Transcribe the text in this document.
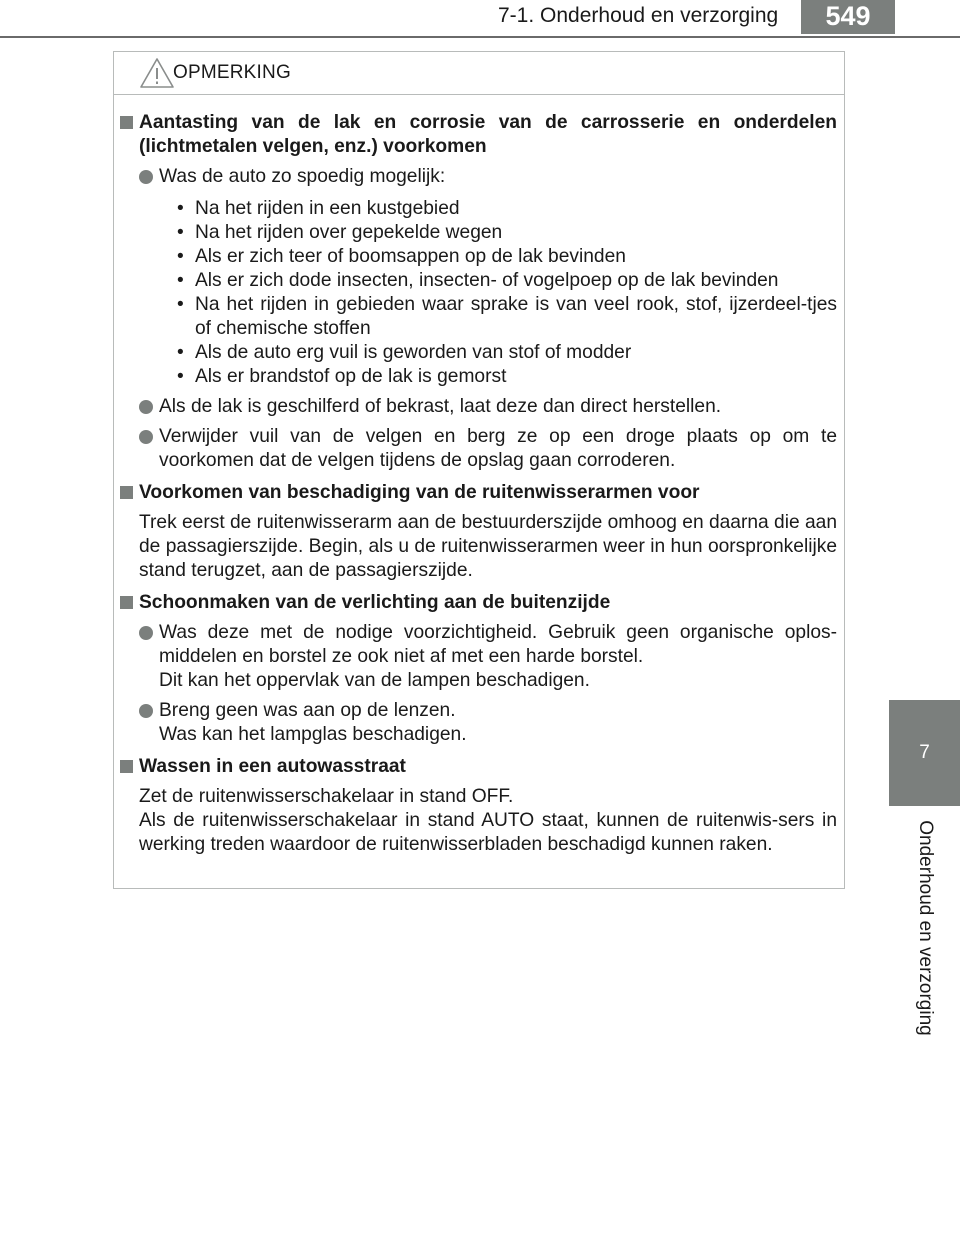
7-1. Onderhoud en verzorging	549
7
Onderhoud en verzorging
OPMERKING
Aantasting van de lak en corrosie van de carrosserie en onderdelen (lichtmetalen velgen, enz.) voorkomen
Was de auto zo spoedig mogelijk:
• Na het rijden in een kustgebied
• Na het rijden over gepekelde wegen
• Als er zich teer of boomsappen op de lak bevinden
• Als er zich dode insecten, insecten- of vogelpoep op de lak bevinden
• Na het rijden in gebieden waar sprake is van veel rook, stof, ijzerdeel-tjes of chemische stoffen
• Als de auto erg vuil is geworden van stof of modder
• Als er brandstof op de lak is gemorst
Als de lak is geschilferd of bekrast, laat deze dan direct herstellen.
Verwijder vuil van de velgen en berg ze op een droge plaats op om te voorkomen dat de velgen tijdens de opslag gaan corroderen.
Voorkomen van beschadiging van de ruitenwisserarmen voor
Trek eerst de ruitenwisserarm aan de bestuurderszijde omhoog en daarna die aan de passagierszijde. Begin, als u de ruitenwisserarmen weer in hun oorspronkelijke stand terugzet, aan de passagierszijde.
Schoonmaken van de verlichting aan de buitenzijde
Was deze met de nodige voorzichtigheid. Gebruik geen organische oplos-middelen en borstel ze ook niet af met een harde borstel.
Dit kan het oppervlak van de lampen beschadigen.
Breng geen was aan op de lenzen.
Was kan het lampglas beschadigen.
Wassen in een autowasstraat
Zet de ruitenwisserschakelaar in stand OFF.
Als de ruitenwisserschakelaar in stand AUTO staat, kunnen de ruitenwis-sers in werking treden waardoor de ruitenwisserbladen beschadigd kunnen raken.
